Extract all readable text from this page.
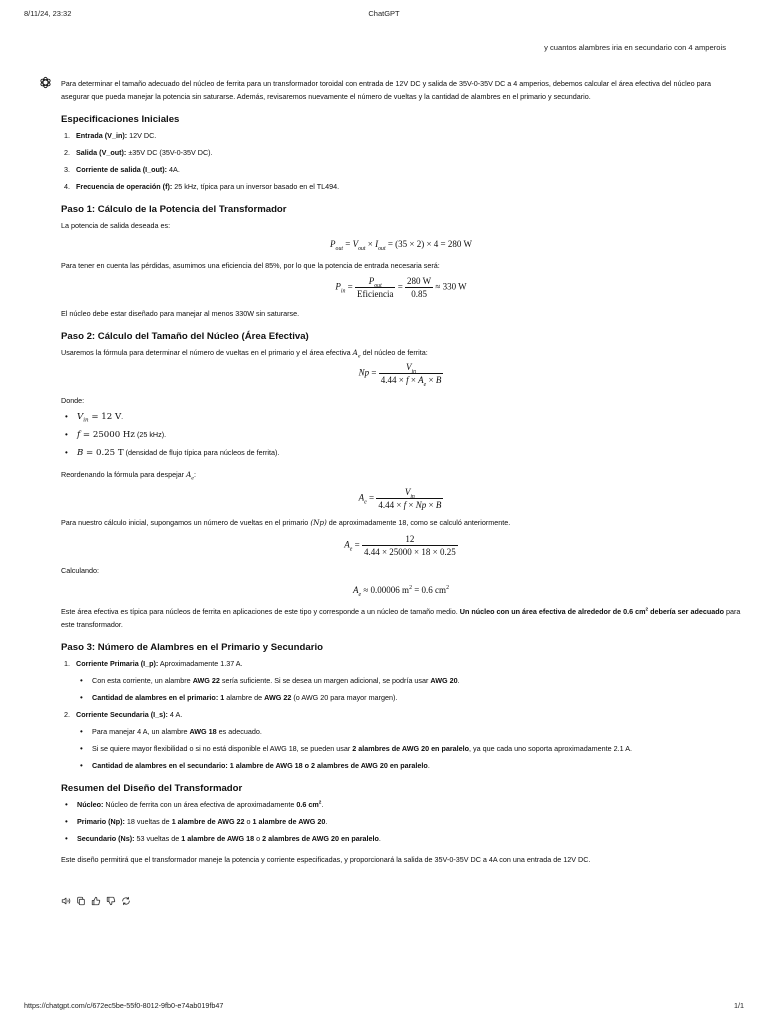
8/11/24, 23:32	ChatGPT
y cuantos alambres iria en secundario con 4 amperois

Para determinar el tamaño adecuado del núcleo de ferrita para un transformador toroidal con entrada de 12V DC y salida de 35V-0-35V DC a 4 amperios, debemos calcular el área efectiva del núcleo para asegurar que pueda manejar la potencia sin saturarse. Además, revisaremos nuevamente el número de vueltas y la cantidad de alambres en el primario y secundario.

Especificaciones Iniciales
1. Entrada (V_in): 12V DC.
2. Salida (V_out): ±35V DC (35V-0-35V DC).
3. Corriente de salida (I_out): 4A.
4. Frecuencia de operación (f): 25 kHz, típica para un inversor basado en el TL494.
Paso 1: Cálculo de la Potencia del Transformador

La potencia de salida deseada es:

$P_{out} = V_{out} \times I_{out} = (35 \times 2) \times 4 = 280$ W

Para tener en cuenta las pérdidas, asumimos una eficiencia del 85%, por lo que la potencia de entrada necesaria será:

$P_{in} = \frac{P_{out}}{\text{Eficiencia}} = \frac{280 W}{0.85} \approx 330$ W

El núcleo debe estar diseñado para manejar al menos 330W sin saturarse.

Paso 2: Cálculo del Tamaño del Núcleo (Área Efectiva)

Usaremos la fórmula para determinar el número de vueltas en el primario y el área efectiva $A_e$ del núcleo de ferrita:

$Np = \frac{V_{in}}{4.44 \times f \times A_e \times B}$

Donde:

•	$V_{in} = 12$ V.
•	f = 25000 Hz (25 kHz).
•	B = 0.25 T (densidad de flujo típica para núcleos de ferrita).

Reordenando la fórmula para despejar $A_e$:

$A_e = \frac{V_{in}}{4.44 \times f \times Np \times B}$

Para nuestro cálculo inicial, supongamos un número de vueltas en el primario (Np) de aproximadamente 18, como se calculó anteriormente.

$A_e = \frac{12}{4.44 \times 25000 \times 18 \times 0.25}$

Calculando:

$A_e \approx 0.00006$ $m^2 = 0.6$ $cm^2$

Este área efectiva es típica para núcleos de ferrita en aplicaciones de este tipo y corresponde a un núcleo de tamaño medio. Un núcleo con un área efectiva de alrededor de 0.6 $cm^2$ debería ser adecuado para este transformador.

Paso 3: Número de Alambres en el Primario y Secundario
1. Corriente Primaria (I_p): Aproximadamente 1.37 A.
•	Con esta corriente, un alambre AWG 22 sería suficiente. Si se desea un margen adicional, se podría usar AWG 20.
•	Cantidad de alambres en el primario: 1 alambre de AWG 22 (o AWG 20 para mayor margen).
2. Corriente Secundaria (I_s): 4 A.
•	Para manejar 4 A, un alambre AWG 18 es adecuado.
•	Si se quiere mayor flexibilidad o si no está disponible el AWG 18, se pueden usar 2 alambres de AWG 20 en paralelo, ya que cada uno soporta aproximadamente 2.1 A.
•	Cantidad de alambres en el secundario: 1 alambre de AWG 18 o 2 alambres de AWG 20 en paralelo.
Resumen del Diseño del Transformador
•	Núcleo: Núcleo de ferrita con un área efectiva de aproximadamente 0.6 $cm^2$.
•	Primario (Np): 18 vueltas de 1 alambre de AWG 22 o 1 alambre de AWG 20.
•	Secundario (Ns): 53 vueltas de 1 alambre de AWG 18 o 2 alambres de AWG 20 en paralelo.

Este diseño permitirá que el transformador maneje la potencia y corriente especificadas, y proporcionará la salida de 35V-0-35V DC a 4A con una entrada de 12V DC.

https://chatgpt.com/c/672ec5be-55f0-8012-9fb0-e74ab019fb47	1/1
